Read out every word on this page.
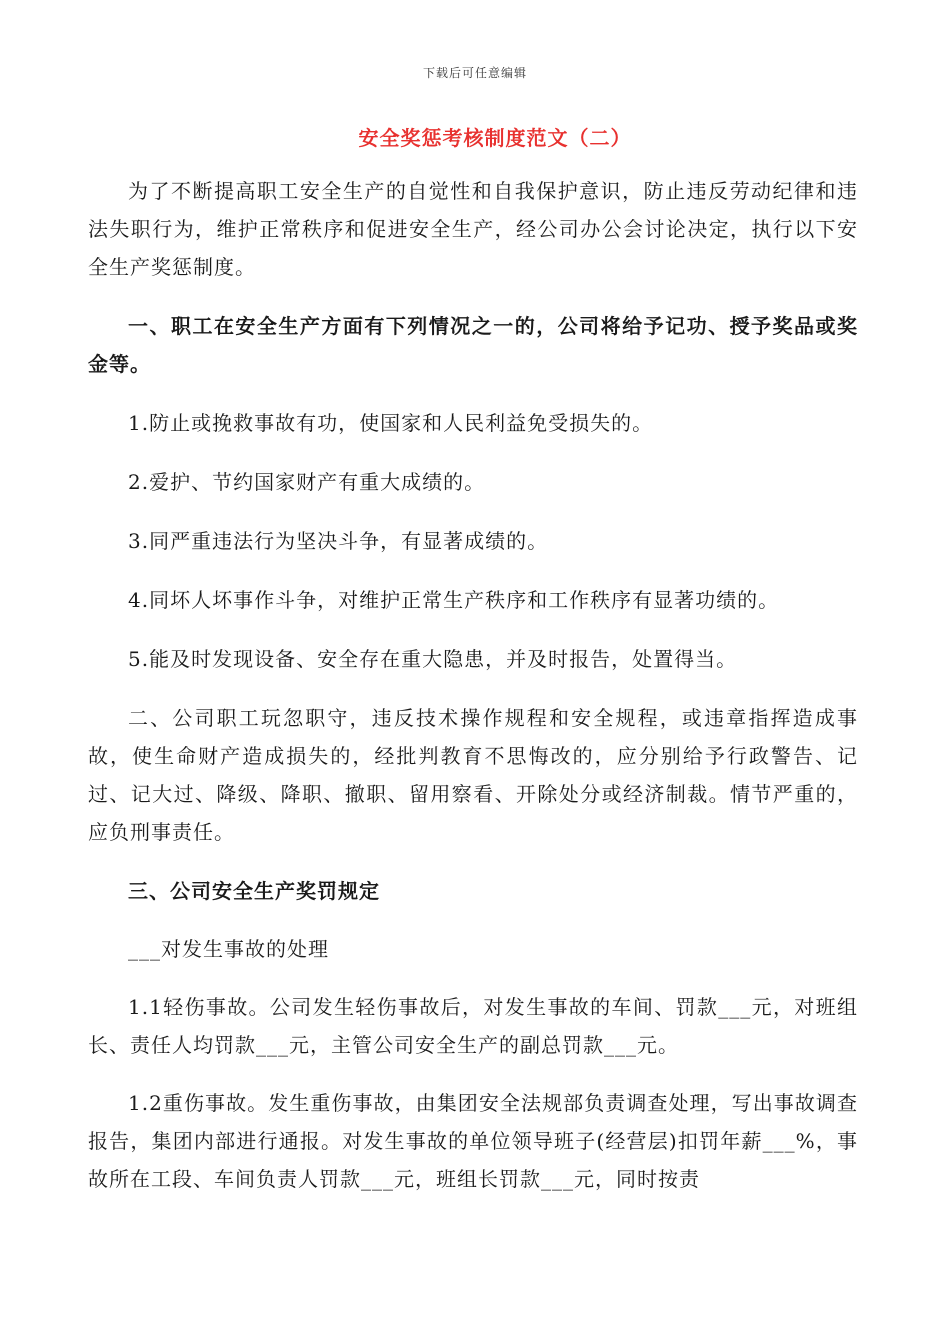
下载后可任意编辑
安全奖惩考核制度范文（二）

为了不断提高职工安全生产的自觉性和自我保护意识，防止违反劳动纪律和违法失职行为，维护正常秩序和促进安全生产，经公司办公会讨论决定，执行以下安全生产奖惩制度。

一、职工在安全生产方面有下列情况之一的，公司将给予记功、授予奖品或奖金等。

1.防止或挽救事故有功，使国家和人民利益免受损失的。

2.爱护、节约国家财产有重大成绩的。

3.同严重违法行为坚决斗争，有显著成绩的。

4.同坏人坏事作斗争，对维护正常生产秩序和工作秩序有显著功绩的。

5.能及时发现设备、安全存在重大隐患，并及时报告，处置得当。

二、公司职工玩忽职守，违反技术操作规程和安全规程，或违章指挥造成事故，使生命财产造成损失的，经批判教育不思悔改的，应分别给予行政警告、记过、记大过、降级、降职、撤职、留用察看、开除处分或经济制裁。情节严重的，应负刑事责任。

三、公司安全生产奖罚规定

___对发生事故的处理

1.1轻伤事故。公司发生轻伤事故后，对发生事故的车间、罚款___元，对班组长、责任人均罚款___元，主管公司安全生产的副总罚款___元。

1.2重伤事故。发生重伤事故，由集团安全法规部负责调查处理，写出事故调查报告，集团内部进行通报。对发生事故的单位领导班子(经营层)扣罚年薪___%，事故所在工段、车间负责人罚款___元，班组长罚款___元，同时按责
